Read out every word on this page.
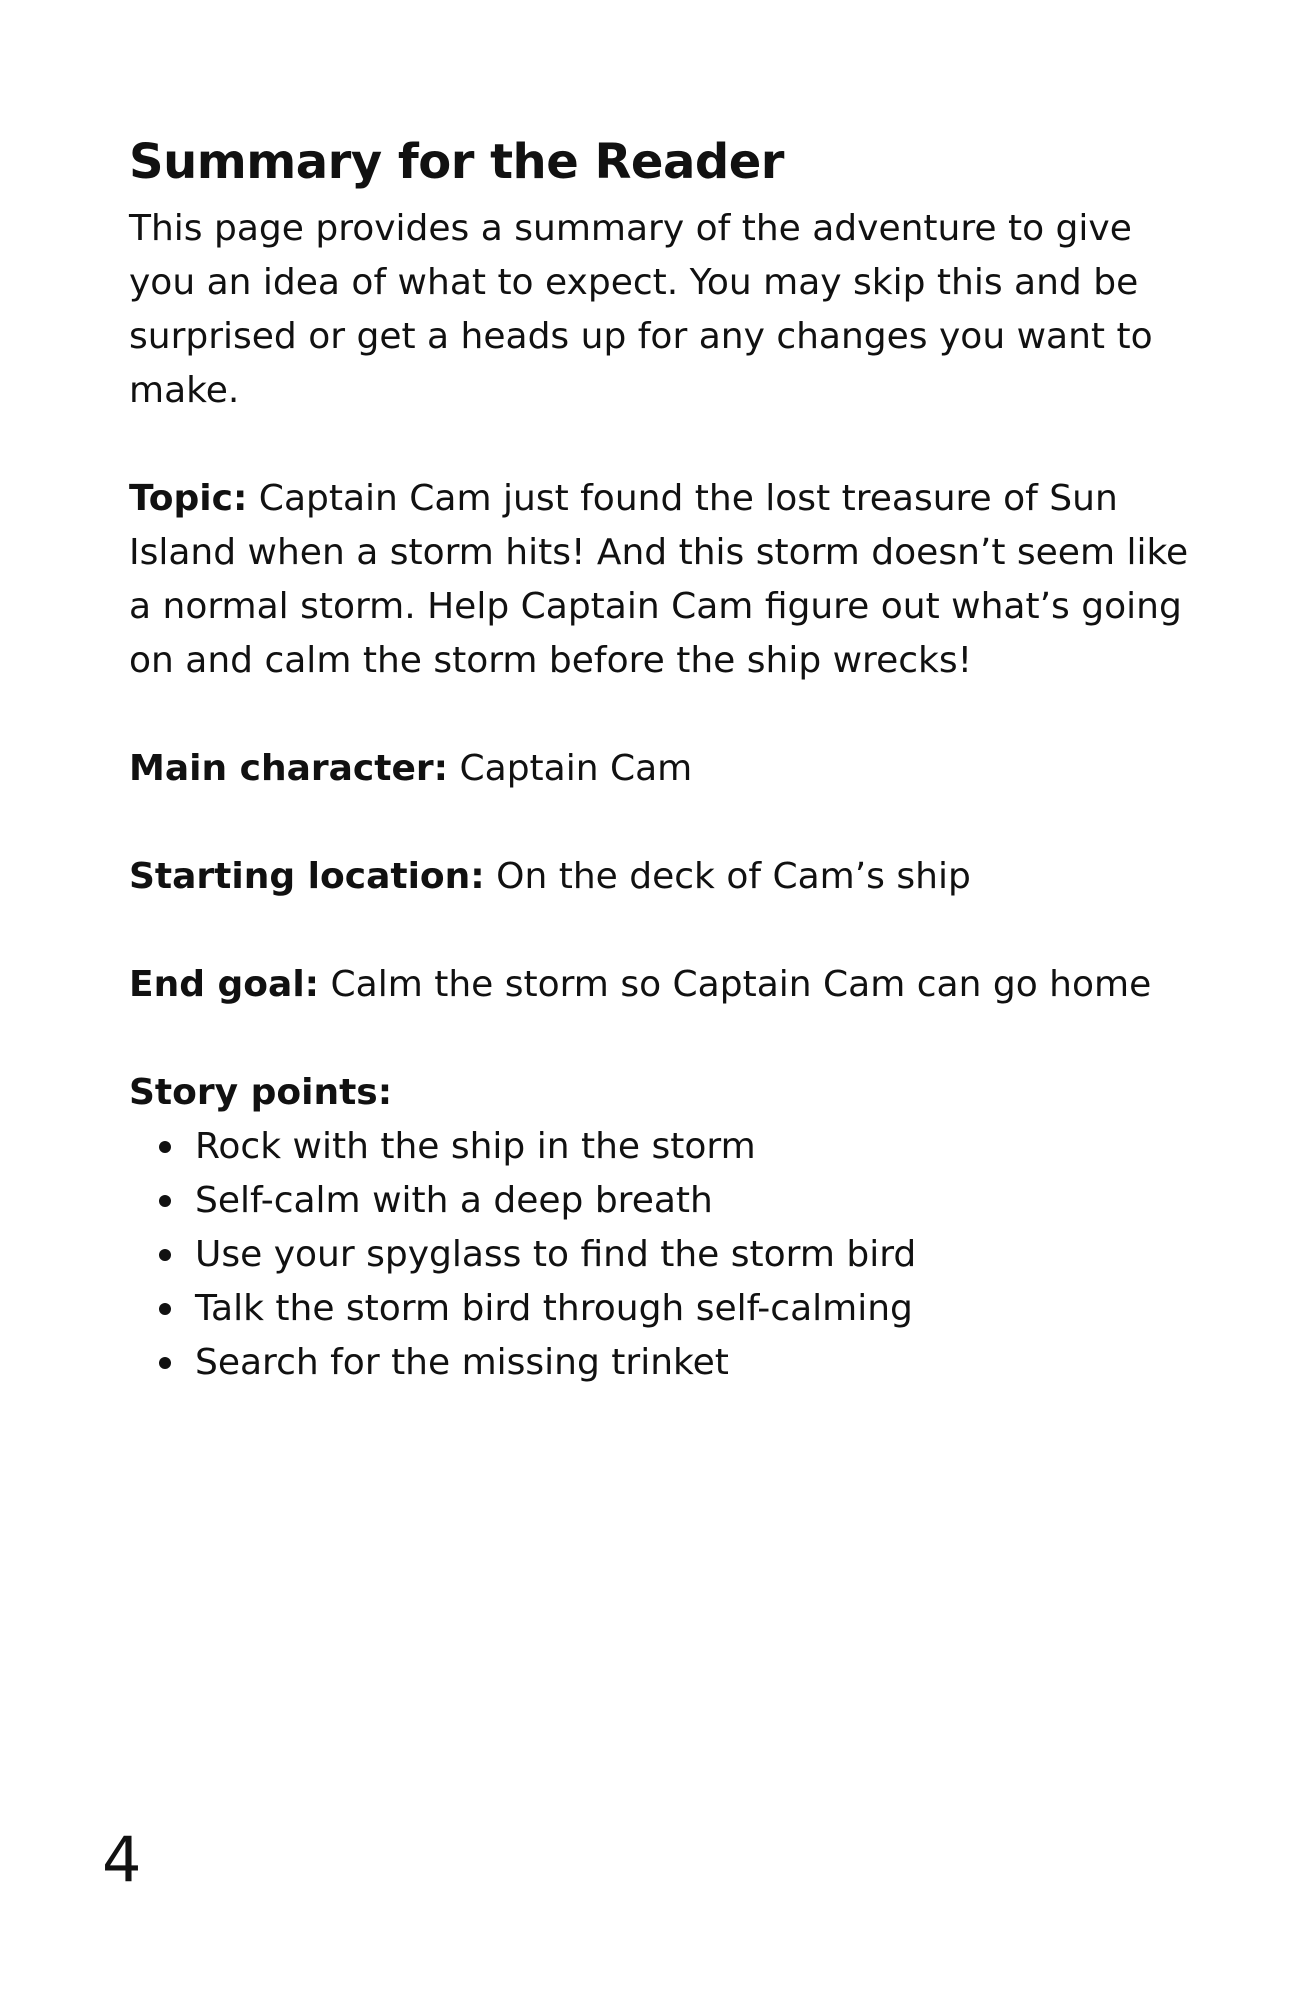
Summary for the Reader

This page provides a summary of the adventure to give you an idea of what to expect. You may skip this and be surprised or get a heads up for any changes you want to make.

Topic: Captain Cam just found the lost treasure of Sun Island when a storm hits! And this storm doesn’t seem like a normal storm. Help Captain Cam figure out what’s going on and calm the storm before the ship wrecks!

Main character: Captain Cam

Starting location: On the deck of Cam’s ship

End goal: Calm the storm so Captain Cam can go home

Story points:
Rock with the ship in the storm
Self-calm with a deep breath
Use your spyglass to find the storm bird
Talk the storm bird through self-calming
Search for the missing trinket
4
